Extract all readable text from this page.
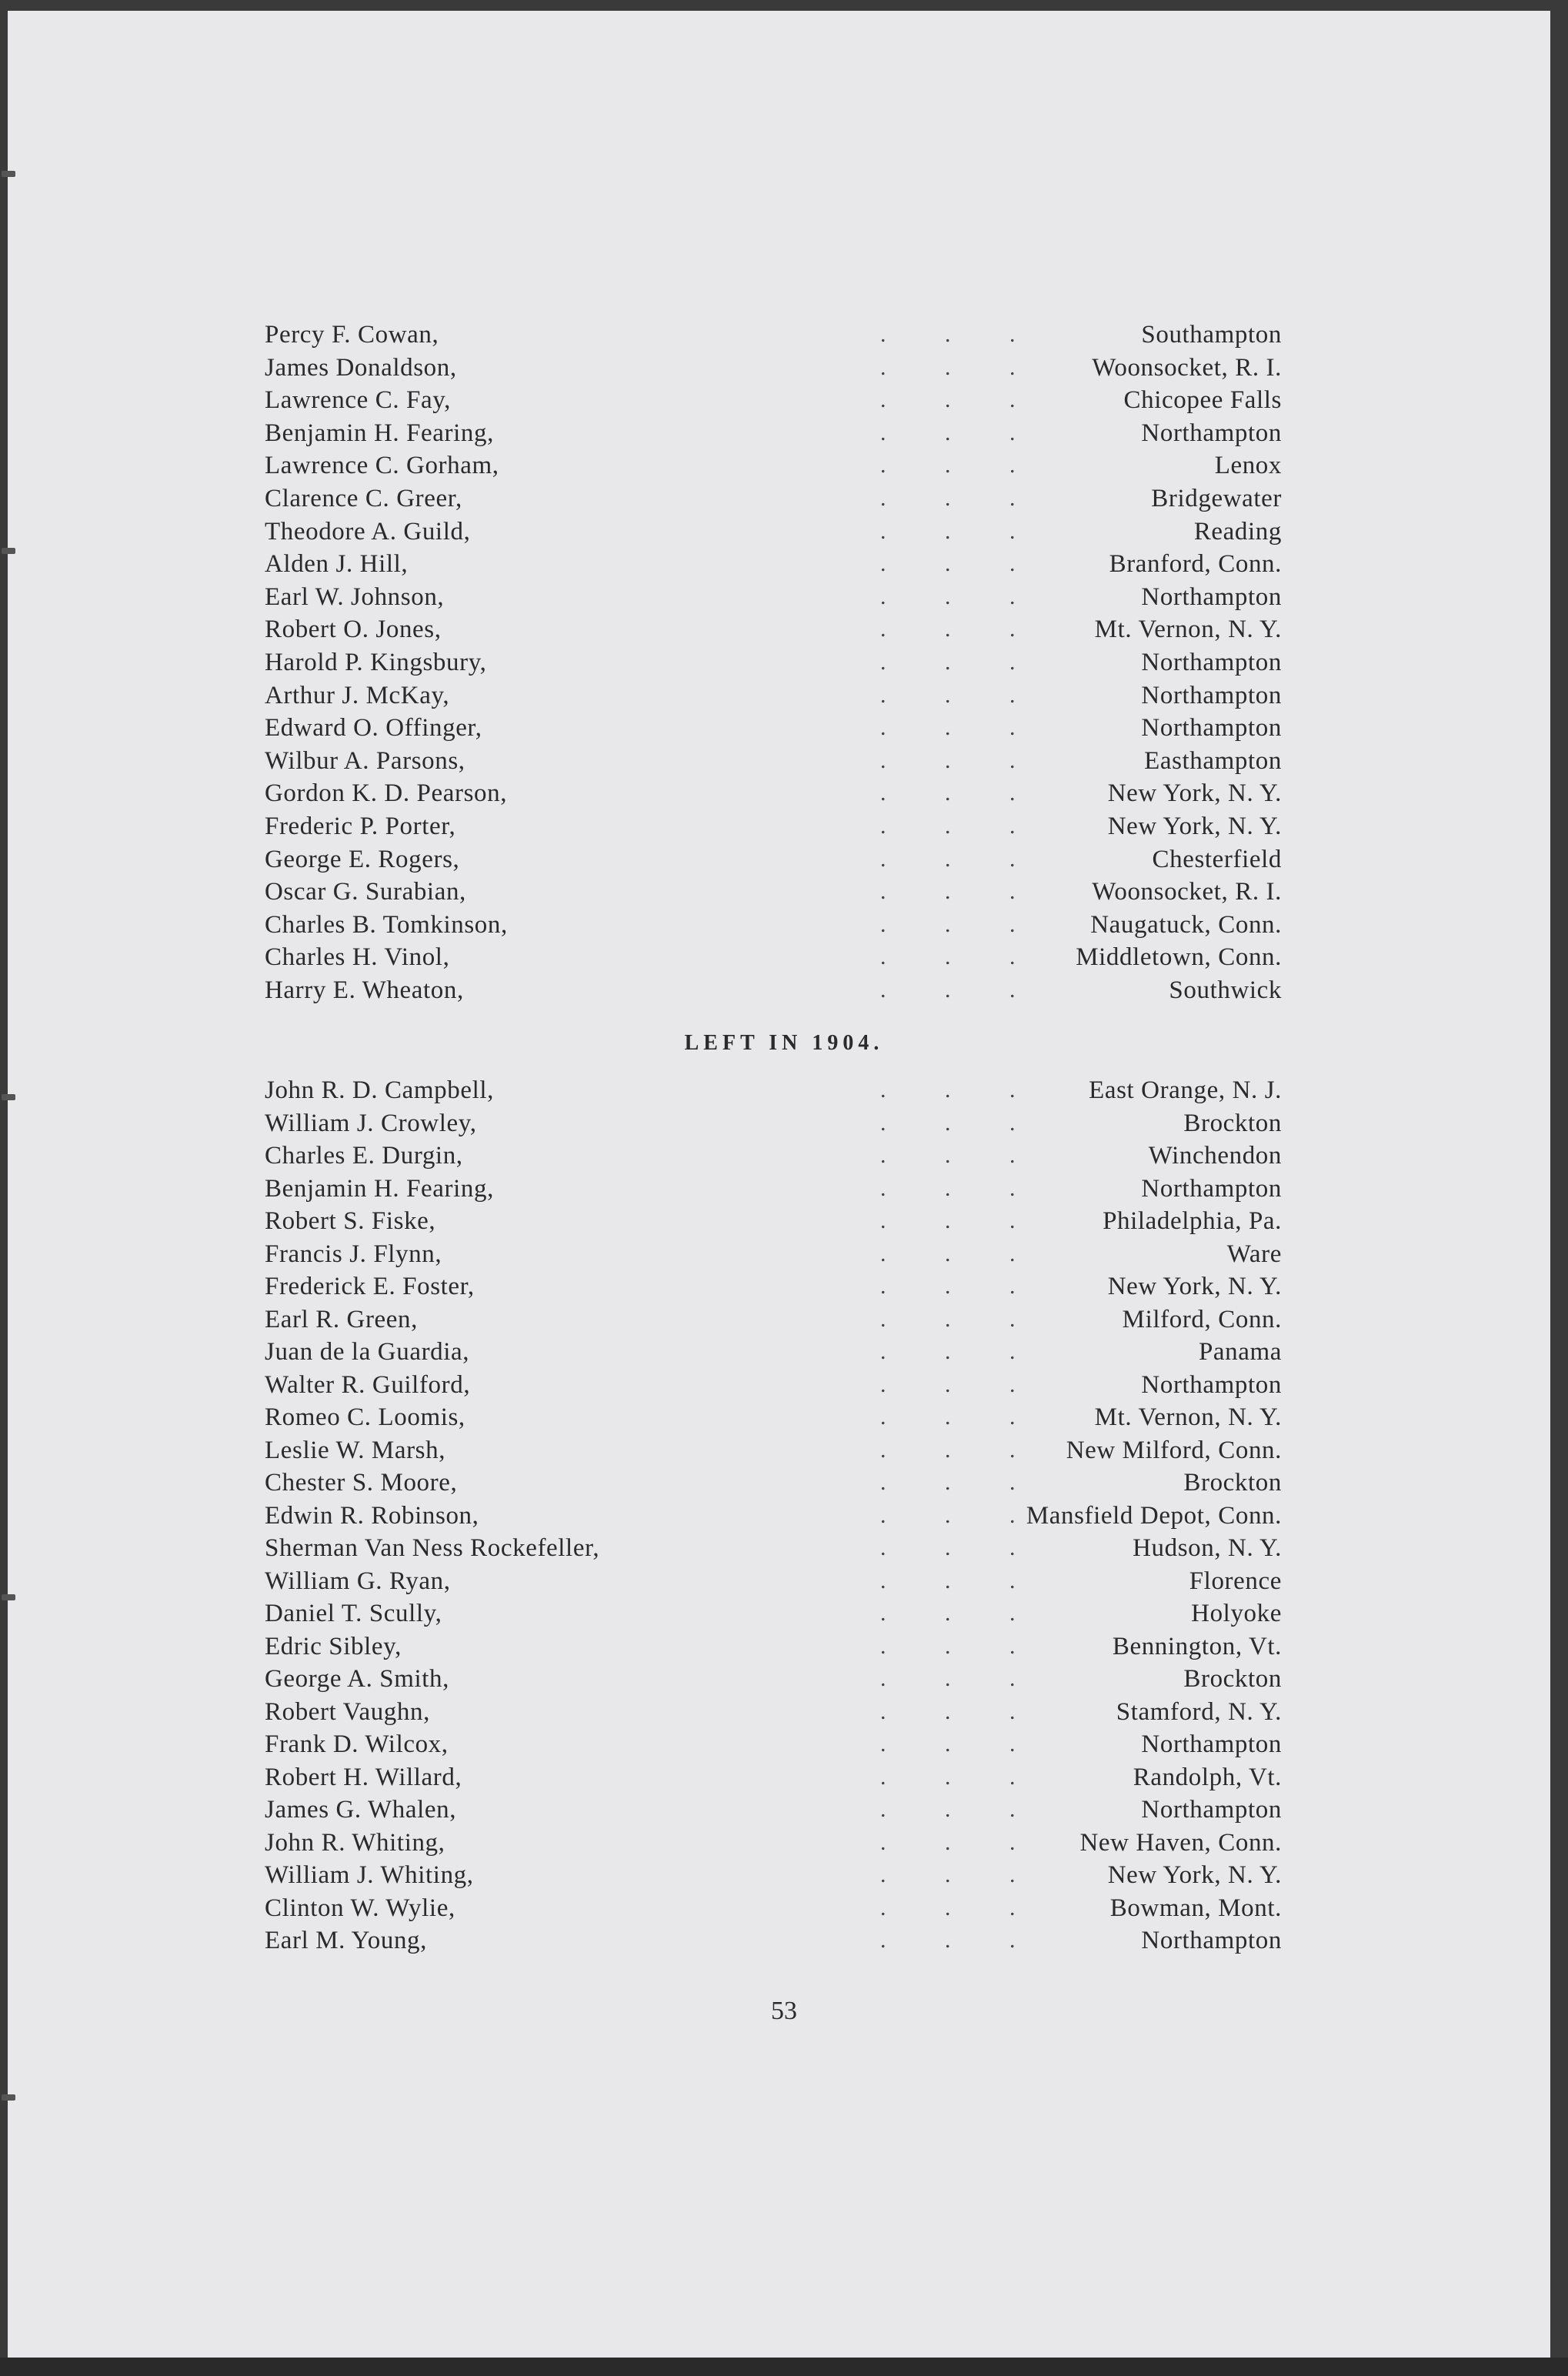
Percy F. Cowan,	.	.	.	Southampton
James Donaldson,	.	.	.	Woonsocket, R. I.
Lawrence C. Fay,	.	.	.	Chicopee Falls
Benjamin H. Fearing,	.	.	.	Northampton
Lawrence C. Gorham,	.	.	.	Lenox
Clarence C. Greer,	.	.	.	Bridgewater
Theodore A. Guild,	.	.	.	Reading
Alden J. Hill,	.	.	.	Branford, Conn.
Earl W. Johnson,	.	.	.	Northampton
Robert O. Jones,	.	.	.	Mt. Vernon, N. Y.
Harold P. Kingsbury,	.	.	.	Northampton
Arthur J. McKay,	.	.	.	Northampton
Edward O. Offinger,	.	.	.	Northampton
Wilbur A. Parsons,	.	.	.	Easthampton
Gordon K. D. Pearson,	.	.	.	New York, N. Y.
Frederic P. Porter,	.	.	.	New York, N. Y.
George E. Rogers,	.	.	.	Chesterfield
Oscar G. Surabian,	.	.	.	Woonsocket, R. I.
Charles B. Tomkinson,	.	.	.	Naugatuck, Conn.
Charles H. Vinol,	.	.	. Middletown, Conn.
Harry E. Wheaton,	.	.	.	Southwick
LEFT IN 1904.
John R. D. Campbell,	.	.	.	East Orange, N. J.
William J. Crowley,	.	.	.	Brockton
Charles E. Durgin,	.	.	.	Winchendon
Benjamin H. Fearing,	.	.	.	Northampton
Robert S. Fiske,	.	.	.	Philadelphia, Pa.
Francis J. Flynn,	.	.	.	Ware
Frederick E. Foster,	.	.	.	New York, N. Y.
Earl R. Green,	.	.	.	Milford, Conn.
Juan de la Guardia,	.	.	.	Panama
Walter R. Guilford,	.	.	.	Northampton
Romeo C. Loomis,	.	.	.	Mt. Vernon, N. Y.
Leslie W. Marsh,	.	.	. New Milford, Conn.
Chester S. Moore,	.	.	.	Brockton
Edwin R. Robinson,	.	.	. Mansfield Depot, Conn.
Sherman Van Ness Rockefeller,	.	.	.	Hudson, N. Y.
William G. Ryan,	.	.	.	Florence
Daniel T. Scully,	.	.	.	Holyoke
Edric Sibley,	.	.	.	Bennington, Vt.
George A. Smith,	.	.	.	Brockton
Robert Vaughn,	.	.	.	Stamford, N. Y.
Frank D. Wilcox,	.	.	.	Northampton
Robert H. Willard,	.	.	.	Randolph, Vt.
James G. Whalen,	.	.	.	Northampton
John R. Whiting,	.	.	.	New Haven, Conn.
William J. Whiting,	.	.	.	New York, N. Y.
Clinton W. Wylie,	.	.	.	Bowman, Mont.
Earl M. Young,	.	.	.	Northampton
53
